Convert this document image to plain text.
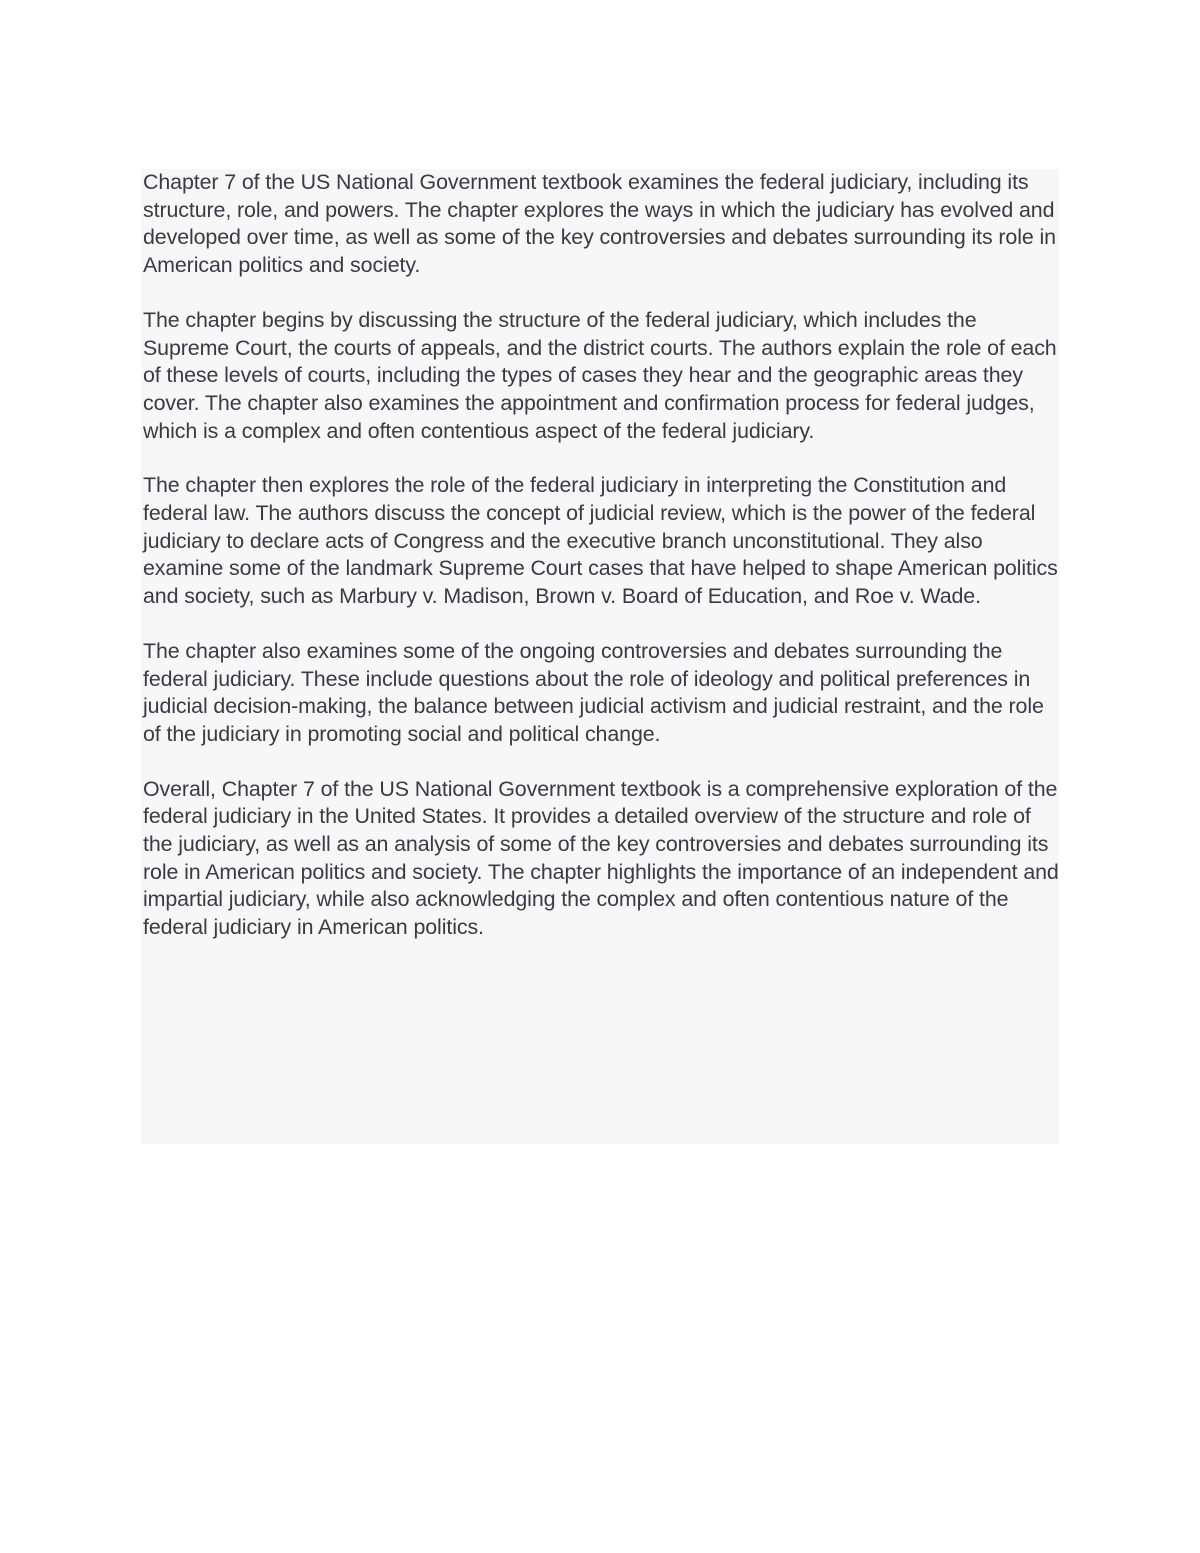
Chapter 7 of the US National Government textbook examines the federal judiciary, including its structure, role, and powers. The chapter explores the ways in which the judiciary has evolved and developed over time, as well as some of the key controversies and debates surrounding its role in American politics and society.

The chapter begins by discussing the structure of the federal judiciary, which includes the Supreme Court, the courts of appeals, and the district courts. The authors explain the role of each of these levels of courts, including the types of cases they hear and the geographic areas they cover. The chapter also examines the appointment and confirmation process for federal judges, which is a complex and often contentious aspect of the federal judiciary.

The chapter then explores the role of the federal judiciary in interpreting the Constitution and federal law. The authors discuss the concept of judicial review, which is the power of the federal judiciary to declare acts of Congress and the executive branch unconstitutional. They also examine some of the landmark Supreme Court cases that have helped to shape American politics and society, such as Marbury v. Madison, Brown v. Board of Education, and Roe v. Wade.

The chapter also examines some of the ongoing controversies and debates surrounding the federal judiciary. These include questions about the role of ideology and political preferences in judicial decision-making, the balance between judicial activism and judicial restraint, and the role of the judiciary in promoting social and political change.

Overall, Chapter 7 of the US National Government textbook is a comprehensive exploration of the federal judiciary in the United States. It provides a detailed overview of the structure and role of the judiciary, as well as an analysis of some of the key controversies and debates surrounding its role in American politics and society. The chapter highlights the importance of an independent and impartial judiciary, while also acknowledging the complex and often contentious nature of the federal judiciary in American politics.
